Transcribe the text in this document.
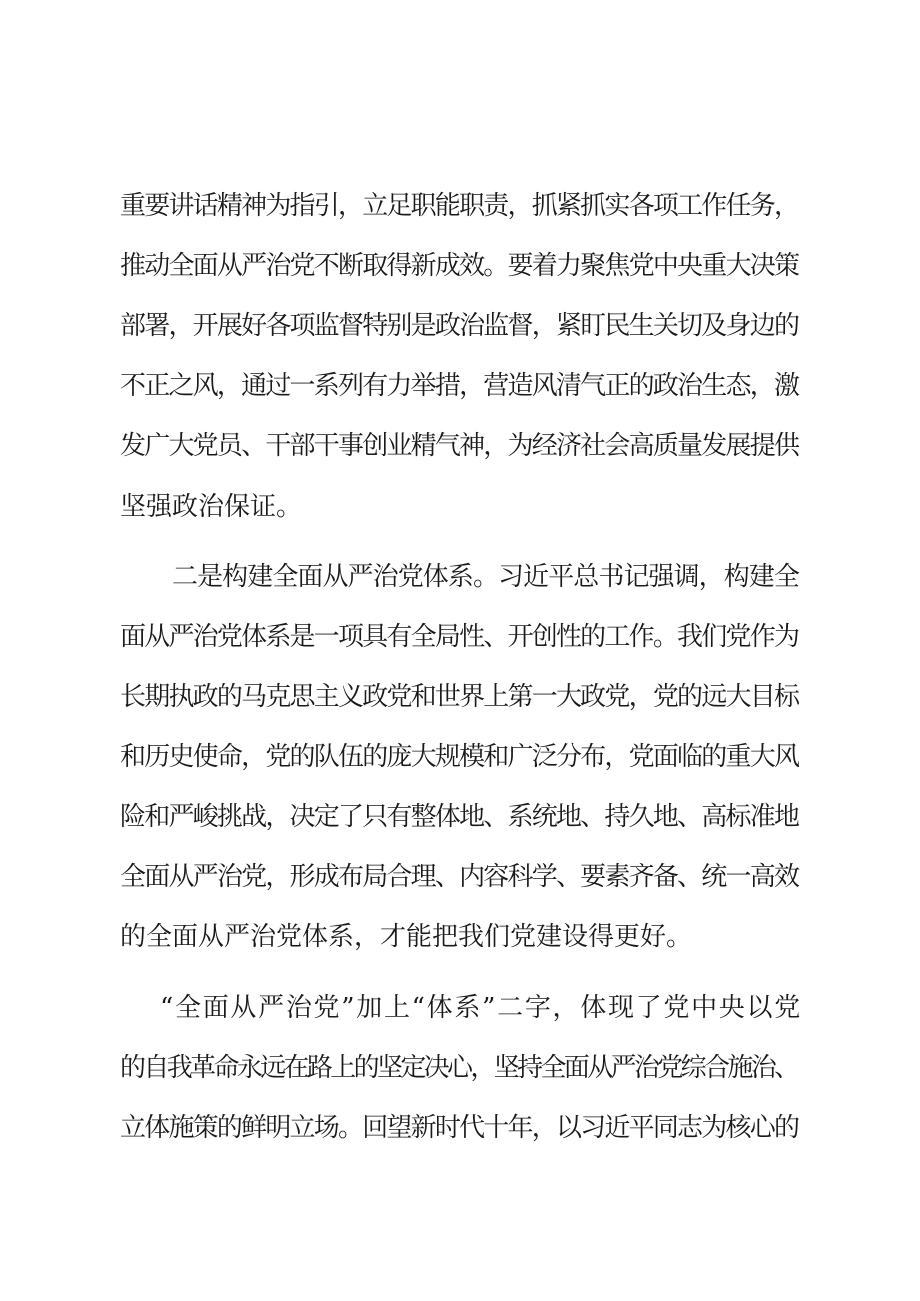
重要讲话精神为指引，立足职能职责，抓紧抓实各项工作任务，
推动全面从严治党不断取得新成效。要着力聚焦党中央重大决策
部署，开展好各项监督特别是政治监督，紧盯民生关切及身边的
不正之风，通过一系列有力举措，营造风清气正的政治生态，激
发广大党员、干部干事创业精气神，为经济社会高质量发展提供
坚强政治保证。
二是构建全面从严治党体系。习近平总书记强调，构建全
面从严治党体系是一项具有全局性、开创性的工作。我们党作为
长期执政的马克思主义政党和世界上第一大政党，党的远大目标
和历史使命，党的队伍的庞大规模和广泛分布，党面临的重大风
险和严峻挑战，决定了只有整体地、系统地、持久地、高标准地
全面从严治党，形成布局合理、内容科学、要素齐备、统一高效
的全面从严治党体系，才能把我们党建设得更好。
“全面从严治党”加上“体系”二字，体现了党中央以党
的自我革命永远在路上的坚定决心，坚持全面从严治党综合施治、
立体施策的鲜明立场。回望新时代十年，以习近平同志为核心的
